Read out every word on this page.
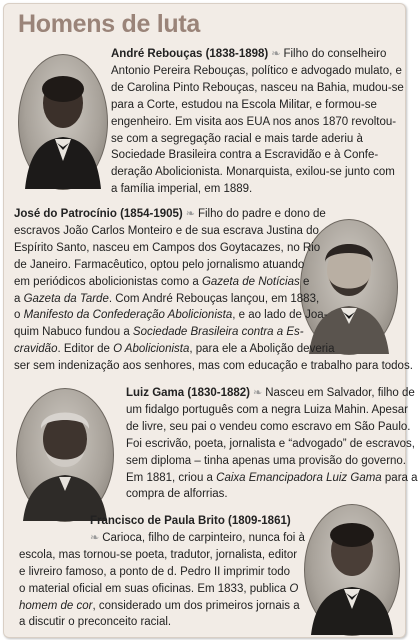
Homens de luta
André Rebouças (1838-1898) ❧ Filho do conselheiro
Antonio Pereira Rebouças, político e advogado mulato, e
de Carolina Pinto Rebouças, nasceu na Bahia, mudou-se
para a Corte, estudou na Escola Militar, e formou-se
engenheiro. Em visita aos EUA nos anos 1870 revoltou-
se com a segregação racial e mais tarde aderiu à
Sociedade Brasileira contra a Escravidão e à Confe-
deração Abolicionista. Monarquista, exilou-se junto com
a família imperial, em 1889.
José do Patrocínio (1854-1905) ❧ Filho do padre e dono de
escravos João Carlos Monteiro e de sua escrava Justina do
Espírito Santo, nasceu em Campos dos Goytacazes, no Rio
de Janeiro. Farmacêutico, optou pelo jornalismo atuando
em periódicos abolicionistas como a Gazeta de Notícias e
a Gazeta da Tarde. Com André Rebouças lançou, em 1883,
o Manifesto da Confederação Abolicionista, e ao lado de Joa-
quim Nabuco fundou a Sociedade Brasileira contra a Es-
cravidão. Editor de O Abolicionista, para ele a Abolição deveria
ser sem indenização aos senhores, mas com educação e trabalho para todos.
Luiz Gama (1830-1882) ❧ Nasceu em Salvador, filho de
um fidalgo português com a negra Luiza Mahin. Apesar
de livre, seu pai o vendeu como escravo em São Paulo.
Foi escrivão, poeta, jornalista e “advogado” de escravos,
sem diploma – tinha apenas uma provisão do governo.
Em 1881, criou a Caixa Emancipadora Luiz Gama para a
compra de alforrias.
Francisco de Paula Brito (1809-1861)
❧ Carioca, filho de carpinteiro, nunca foi à
escola, mas tornou-se poeta, tradutor, jornalista, editor
e livreiro famoso, a ponto de d. Pedro II imprimir todo
o material oficial em suas oficinas. Em 1833, publica O
homem de cor, considerado um dos primeiros jornais a
a discutir o preconceito racial.
